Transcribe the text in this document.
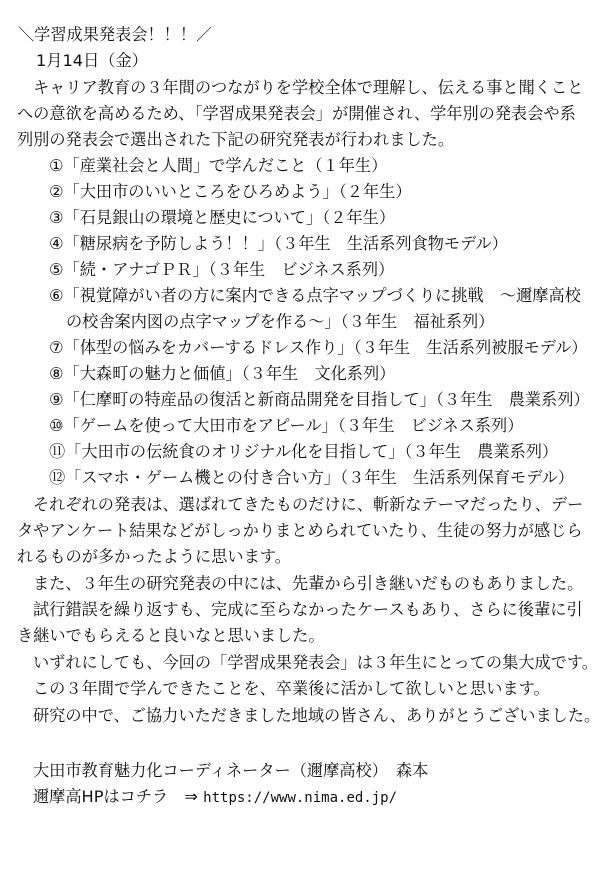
＼学習成果発表会！！！／
1月14日（金）
キャリア教育の３年間のつながりを学校全体で理解し、伝える事と聞くこと
への意欲を高めるため、「学習成果発表会」が開催され、学年別の発表会や系
列別の発表会で選出された下記の研究発表が行われました。
①「産業社会と人間」で学んだこと（１年生）
②「大田市のいいところをひろめよう」（２年生）
③「石見銀山の環境と歴史について」（２年生）
④「糖尿病を予防しよう！！」（３年生　生活系列食物モデル）
⑤「続・アナゴＰＲ」（３年生　ビジネス系列）
⑥「視覚障がい者の方に案内できる点字マップづくりに挑戦　～邇摩高校
の校舎案内図の点字マップを作る～」（３年生　福祉系列）
⑦「体型の悩みをカバーするドレス作り」（３年生　生活系列被服モデル）
⑧「大森町の魅力と価値」（３年生　文化系列）
⑨「仁摩町の特産品の復活と新商品開発を目指して」（３年生　農業系列）
⑩「ゲームを使って大田市をアピール」（３年生　ビジネス系列）
⑪「大田市の伝統食のオリジナル化を目指して」（３年生　農業系列）
⑫「スマホ・ゲーム機との付き合い方」（３年生　生活系列保育モデル）
それぞれの発表は、選ばれてきたものだけに、斬新なテーマだったり、デー
タやアンケート結果などがしっかりまとめられていたり、生徒の努力が感じら
れるものが多かったように思います。
また、３年生の研究発表の中には、先輩から引き継いだものもありました。
試行錯誤を繰り返すも、完成に至らなかったケースもあり、さらに後輩に引
き継いでもらえると良いなと思いました。
いずれにしても、今回の「学習成果発表会」は３年生にとっての集大成です。
この３年間で学んできたことを、卒業後に活かして欲しいと思います。
研究の中で、ご協力いただきました地域の皆さん、ありがとうございました。
大田市教育魅力化コーディネーター（邇摩高校）　森本
邇摩高HPはコチラ　⇒ https://www.nima.ed.jp/
